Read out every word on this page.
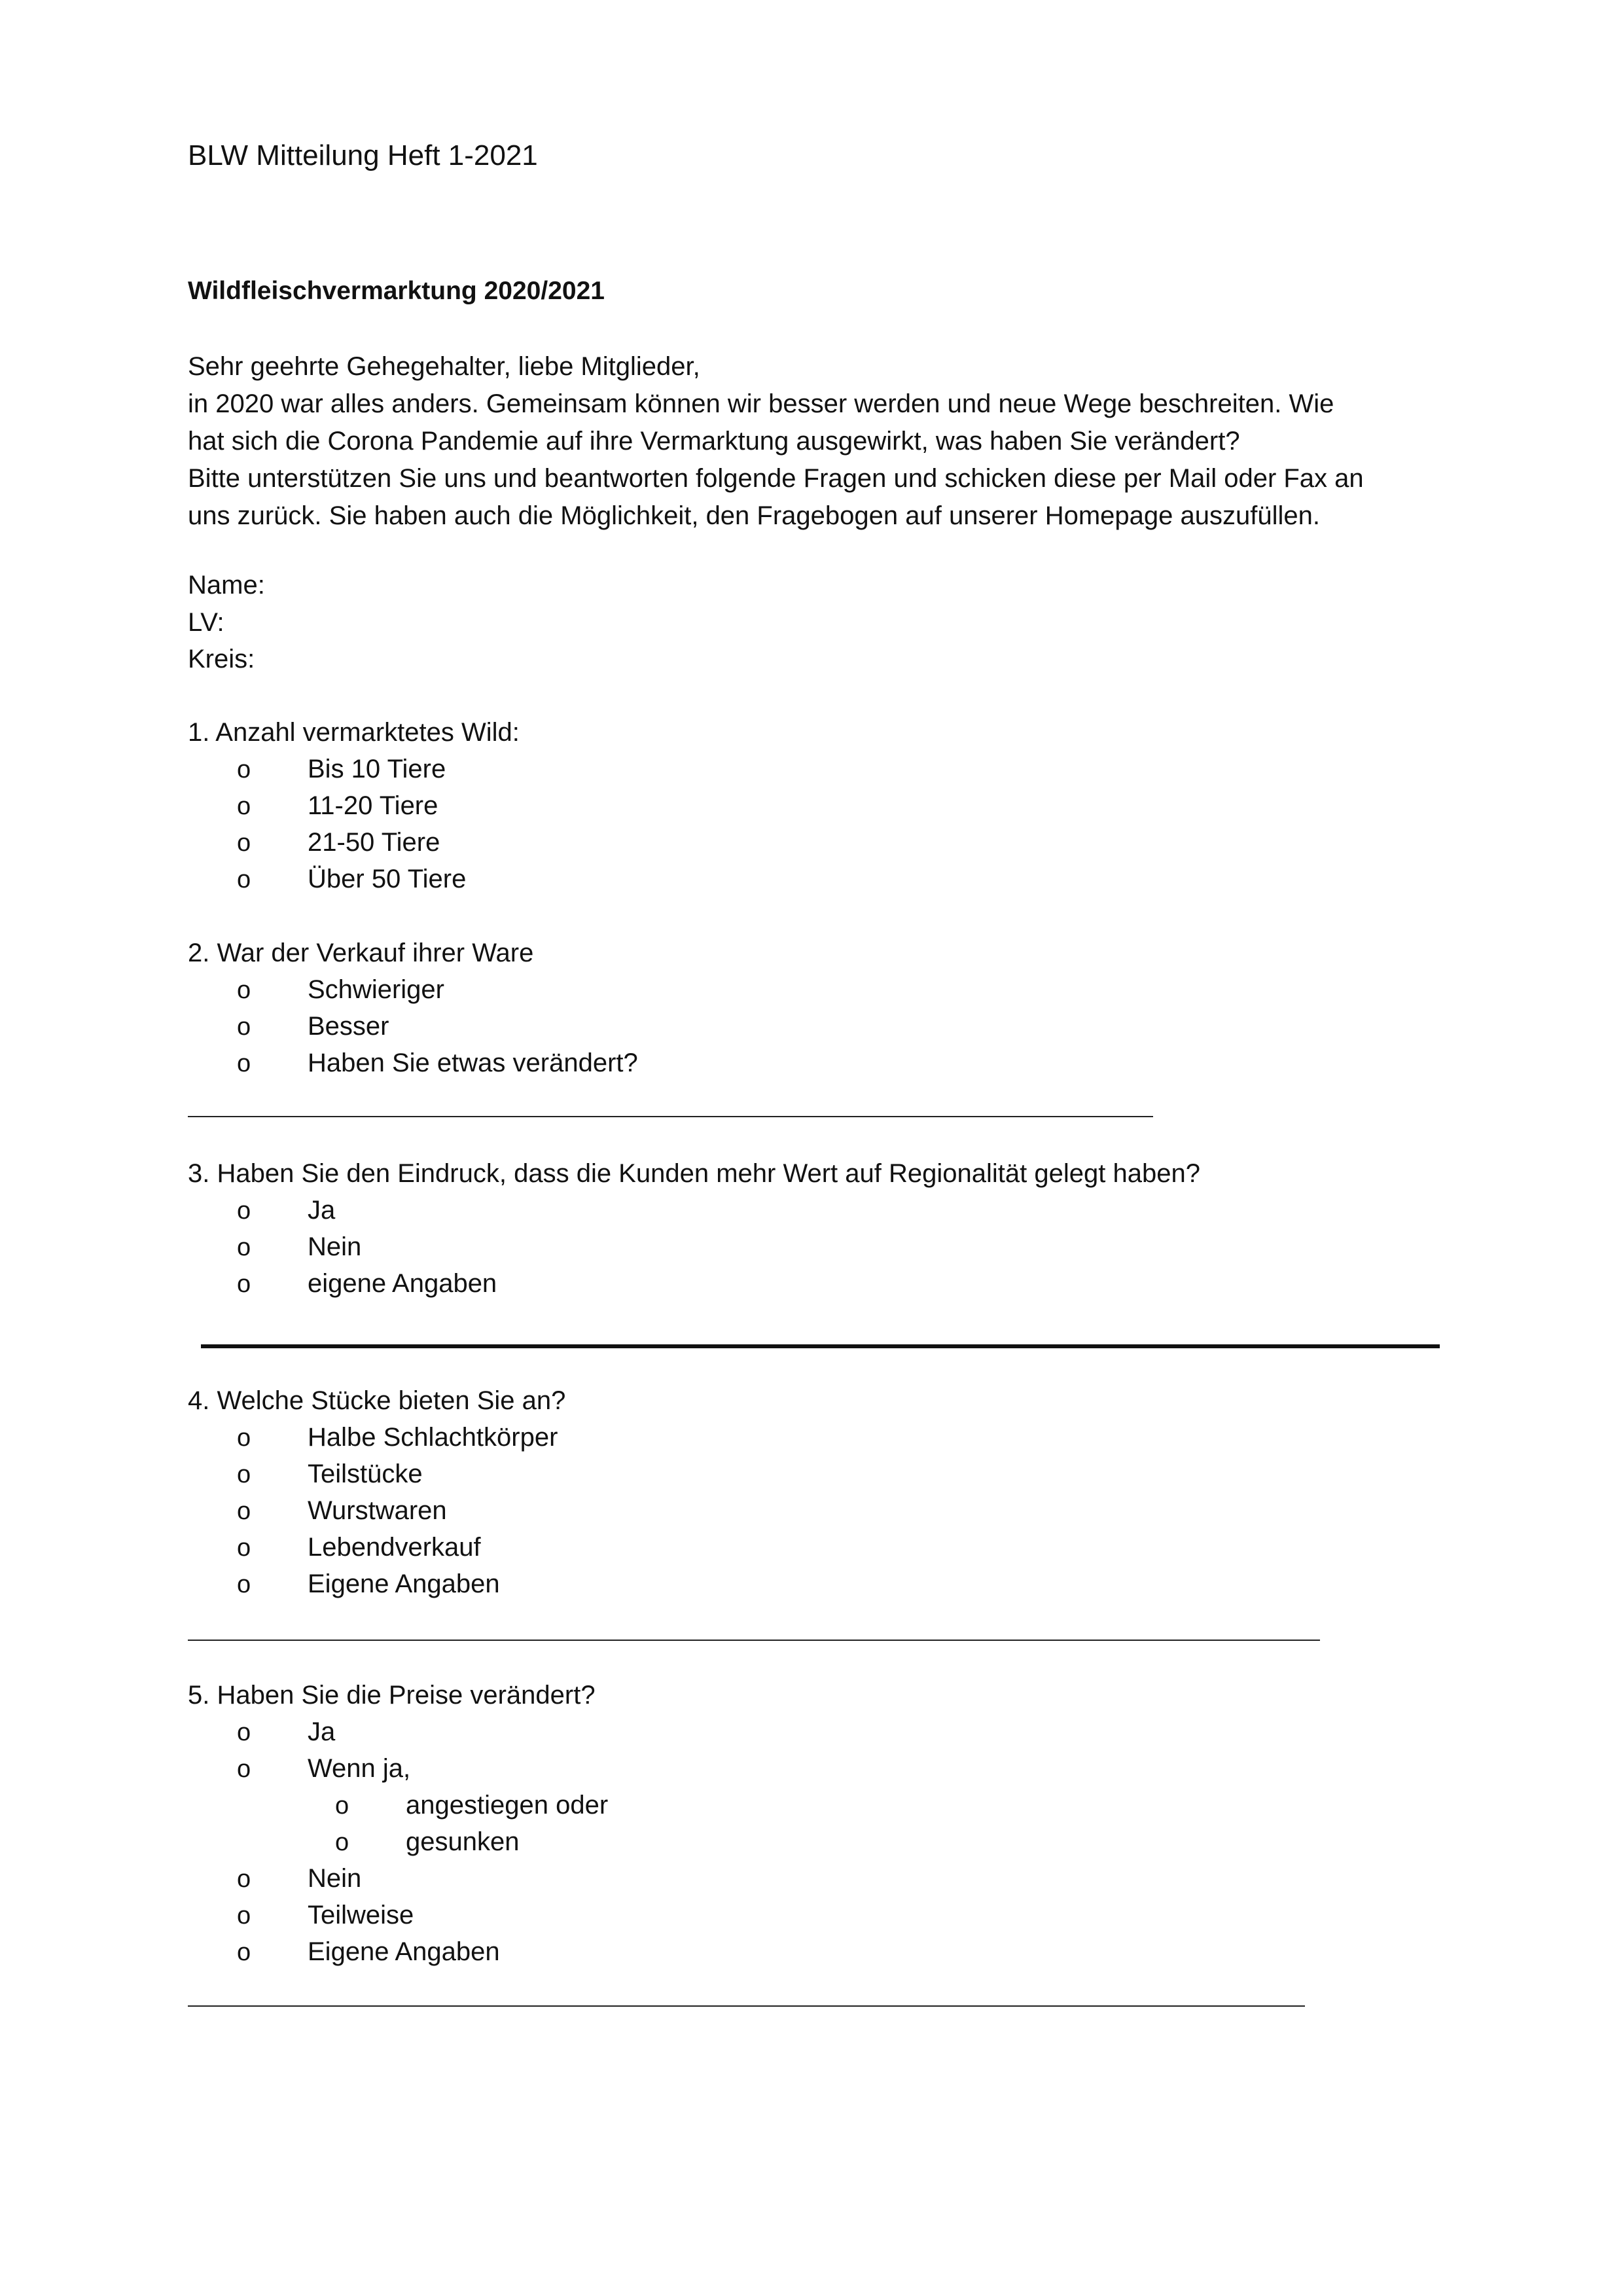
BLW Mitteilung Heft 1-2021
Wildfleischvermarktung 2020/2021
Sehr geehrte Gehegehalter, liebe Mitglieder,
in 2020 war alles anders. Gemeinsam können wir besser werden und neue Wege beschreiten. Wie
hat sich die Corona Pandemie auf ihre Vermarktung ausgewirkt, was haben Sie verändert?
Bitte unterstützen Sie uns und beantworten folgende Fragen und schicken diese per Mail oder Fax an
uns zurück. Sie haben auch die Möglichkeit, den Fragebogen auf unserer Homepage auszufüllen.
Name:
LV:
Kreis:
1. Anzahl vermarktetes Wild:
o Bis 10 Tiere
o 11-20 Tiere
o 21-50 Tiere
o Über 50 Tiere
2. War der Verkauf ihrer Ware
o Schwieriger
o Besser
o Haben Sie etwas verändert?
3. Haben Sie den Eindruck, dass die Kunden mehr Wert auf Regionalität gelegt haben?
o Ja
o Nein
o eigene Angaben
4. Welche Stücke bieten Sie an?
o Halbe Schlachtkörper
o Teilstücke
o Wurstwaren
o Lebendverkauf
o Eigene Angaben
5. Haben Sie die Preise verändert?
o Ja
o Wenn ja,
o angestiegen oder
o gesunken
o Nein
o Teilweise
o Eigene Angaben
